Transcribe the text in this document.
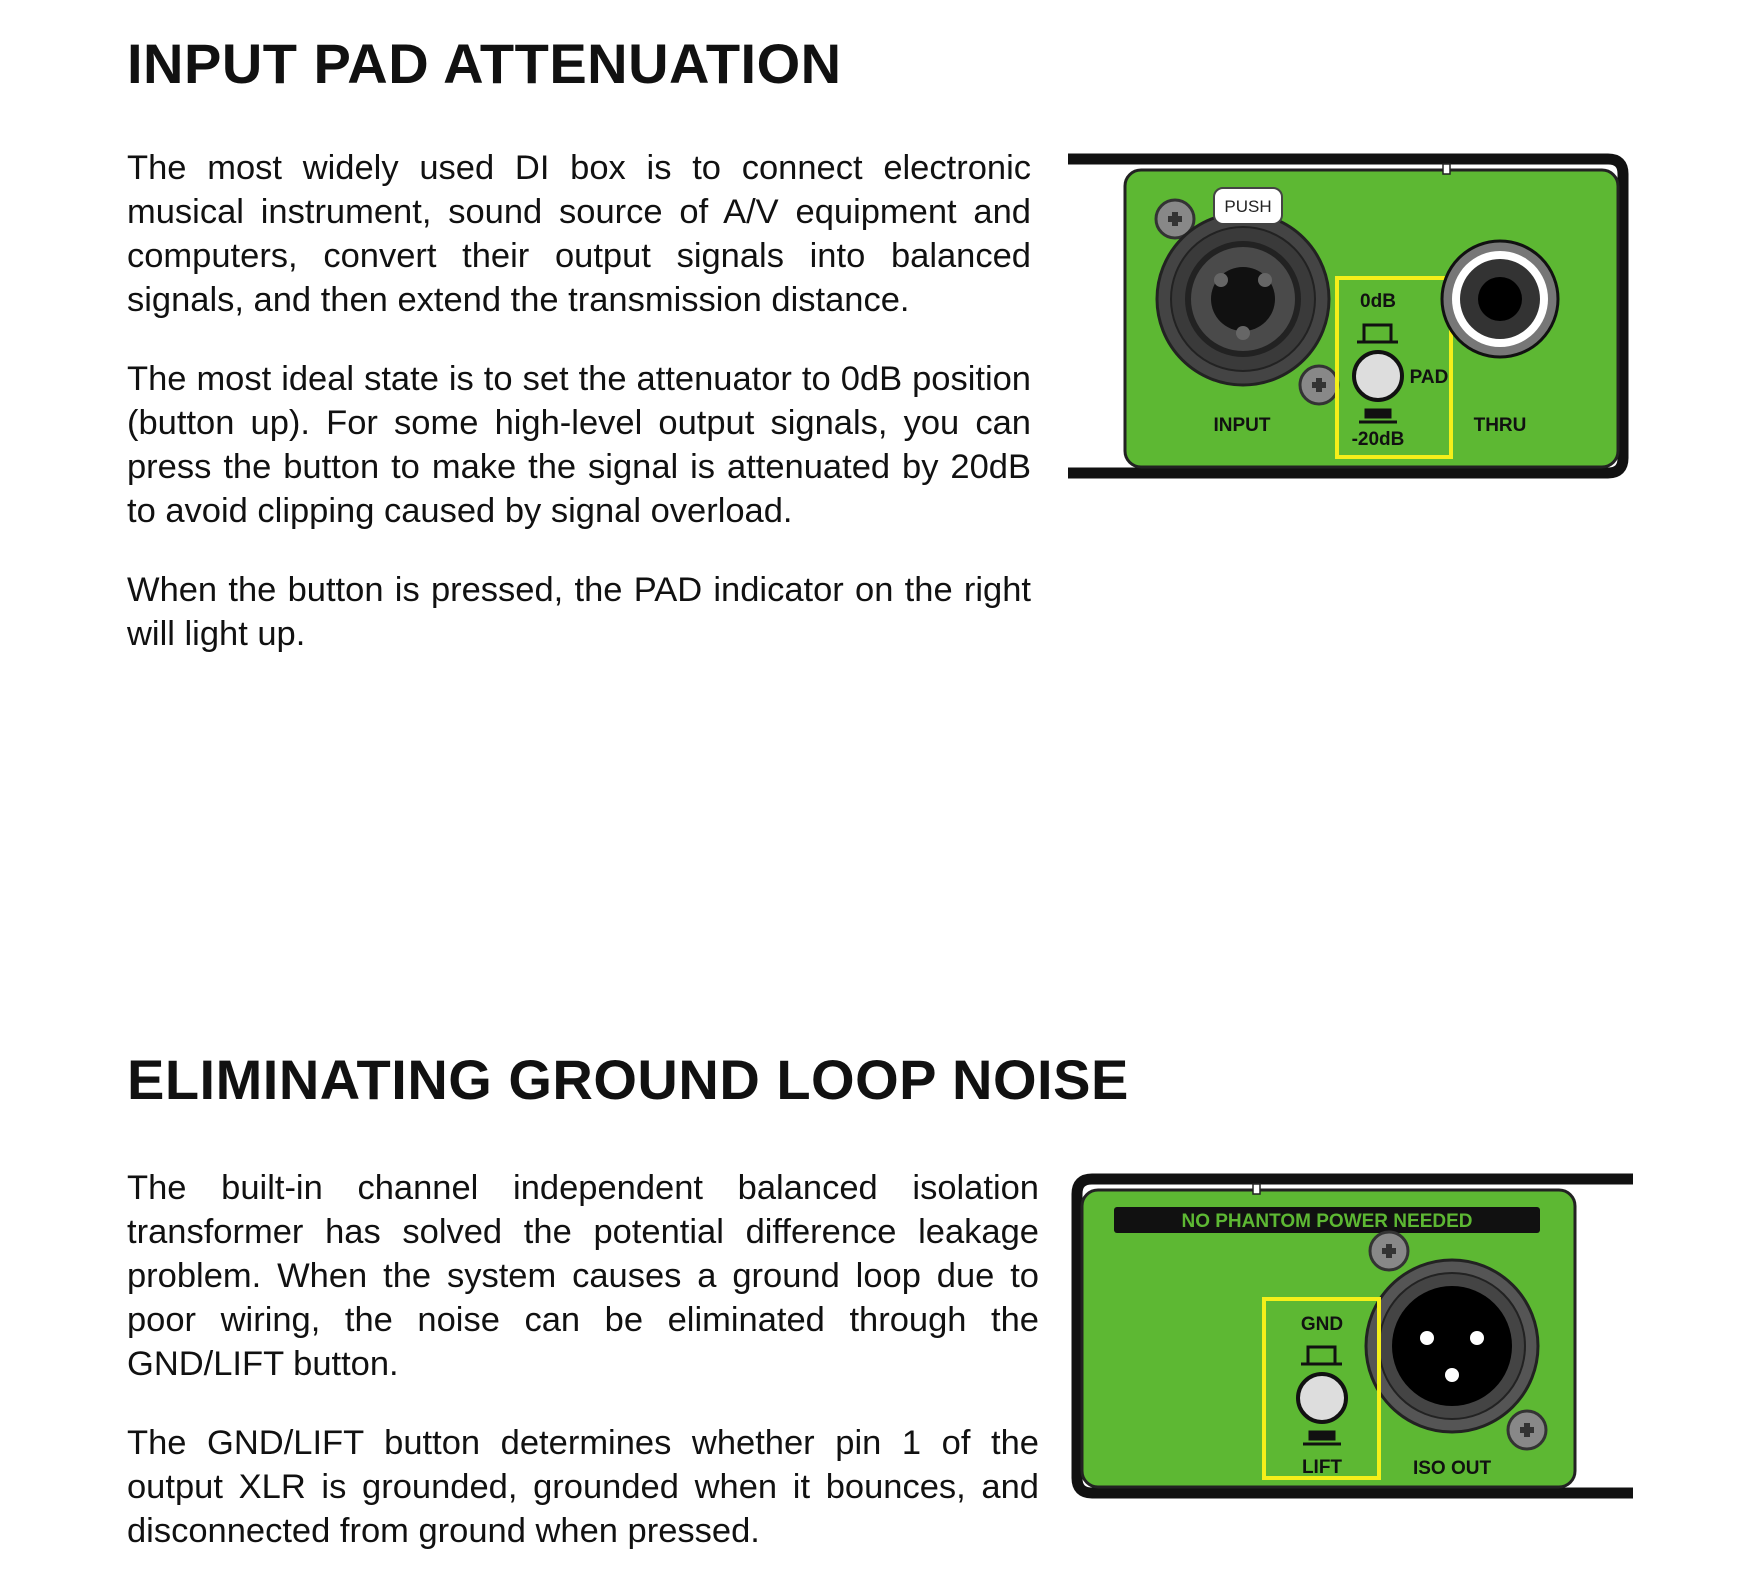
INPUT PAD ATTENUATION

The most widely used DI box is to connect electronic musical instrument, sound source of A/V equipment and computers, convert their output signals into balanced signals, and then extend the transmission distance.

The most ideal state is to set the attenuator to 0dB position (button up). For some high-level output signals, you can press the button to make the signal is attenuated by 20dB to avoid clipping caused by signal overload.

When the button is pressed, the PAD indicator on the right will light up.

PUSH
INPUT
0dB
PAD
-20dB
THRU
ELIMINATING GROUND LOOP NOISE

The built-in channel independent balanced isolation transformer has solved the potential difference leakage problem. When the system causes a ground loop due to poor wiring, the noise can be eliminated through the GND/LIFT button.

The GND/LIFT button determines whether pin 1 of the output XLR is grounded, grounded when it bounces, and disconnected from ground when pressed.

NO PHANTOM POWER NEEDED
ISO OUT
GND
LIFT
